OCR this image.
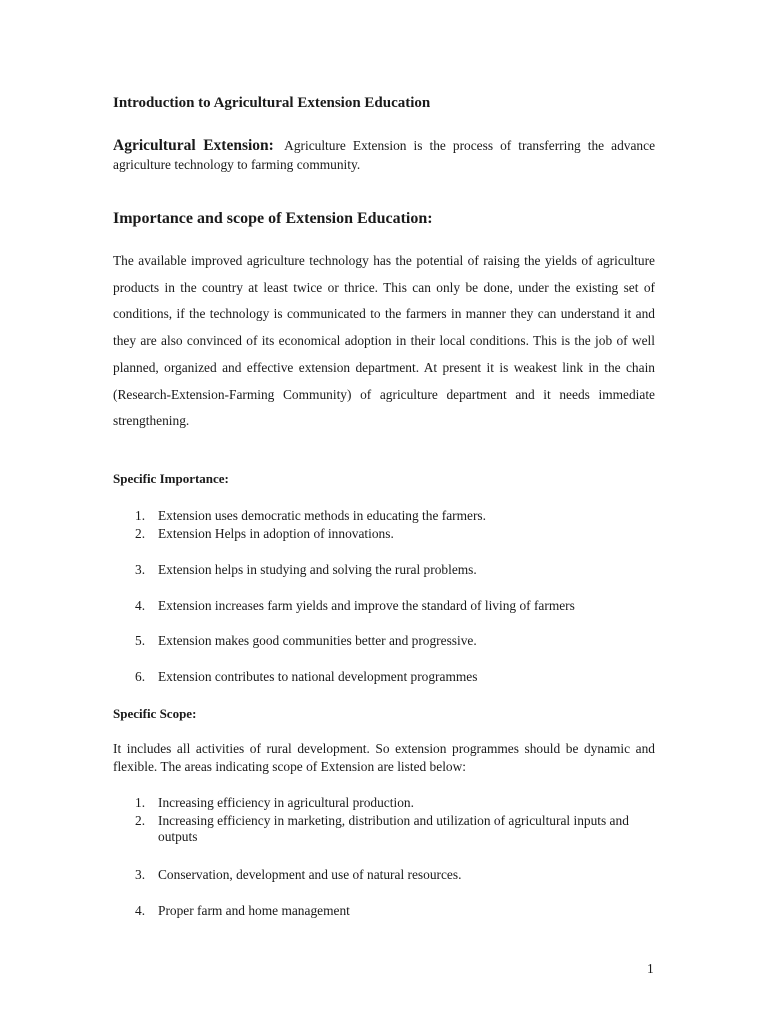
Introduction to Agricultural Extension Education

Agricultural Extension: Agriculture Extension is the process of transferring the advance agriculture technology to farming community.

Importance and scope of Extension Education:

The available improved agriculture technology has the potential of raising the yields of agriculture products in the country at least twice or thrice. This can only be done, under the existing set of conditions, if the technology is communicated to the farmers in manner they can understand it and they are also convinced of its economical adoption in their local conditions. This is the job of well planned, organized and effective extension department. At present it is weakest link in the chain (Research-Extension-Farming Community) of agriculture department and it needs immediate strengthening.

Specific Importance:
1. Extension uses democratic methods in educating the farmers.
2. Extension Helps in adoption of innovations.
3. Extension helps in studying and solving the rural problems.
4. Extension increases farm yields and improve the standard of living of farmers
5. Extension makes good communities better and progressive.
6. Extension contributes to national development programmes
Specific Scope:

It includes all activities of rural development. So extension programmes should be dynamic and flexible. The areas indicating scope of Extension are listed below:

1. Increasing efficiency in agricultural production.
2. Increasing efficiency in marketing, distribution and utilization of agricultural inputs and outputs
3. Conservation, development and use of natural resources.
4. Proper farm and home management
1
